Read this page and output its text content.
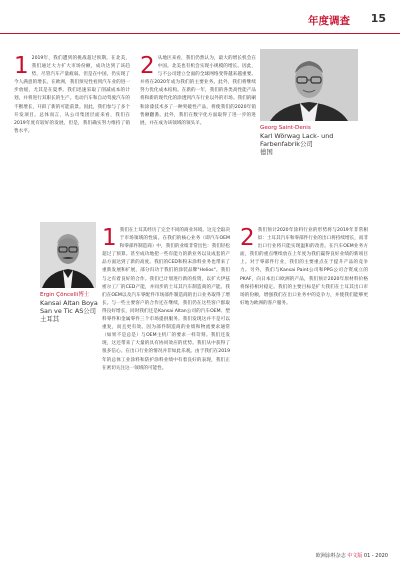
年度调查 15
1 2019年，我们遭到的挑战超过预期。在北美，我们通过大力扩大市场份额，成功达到了该趋势，尽管汽车产量疲弱。但是在中国，仍实现了今人满意的增长。在欧洲，我们预见性看到汽车业的进一步放缓，尤其是在夏季。我们迅速采取了削减成本的计划，并将进行双职长的生产。电动汽车和自动驾驶汽车的不断增长，开辟了新的可能前景。因此，我们参与了多个开发项目。总体而言，从公司集团层面来看，我们在2019年度有较好的发展，但是，我们确实努力维持了销售水平。

2 从地区来看，我们仍然认为，最大的增长机会在中国。北美也有机会实现小规模的增长。因此，与不公司建立全面的全球网络变得越来越重要。并将在2020年成为我们的主要业务。此外，我们将继续努力优化成本结构。在新的一年，我们的各类高性能产品将和新的现代化的涂透到汽车行业以外的市场。我们的刷和涂漆技术多了一种突破性产品，将使我们的2020年销售额翻番。此外，我们在数字化方面取得了进一步的进展，并在成为该领域的领头羊。

Georg Saint-Denis
Karl Wörwag Lack- und Farbenfabrik公司
德国
Ergin Çöncelli博士
Kansai Altan Boya San ve Tic AS公司
土耳其
1 我们在土耳其经历了完全不同的商业环境。这完全取决于市场领域的性质。在我们的核心业务（即汽车OEM和零部件制造商）中，我们的业绩非常出色：我们轻松超过了预算。甚至成功地把一些有能力的新业务以及成套的产品方面达到了新的高度。我们的CED和粉末涂料业务也带来了重新发展和扩展，部分归功于我们的涂装品牌"Helios"。我们与之有着良好的合作。我们已计划进行新的投资，以扩大伊兹密尔工厂的CED产能，并同步的土耳其汽车制造商的产能。我们在OEM以及汽车零配件市场部件制造商的出口业务取得了增长。与一些主要客户的合作还在继续，我们仍在这些客户群取得良好增长，同时我们还是Kansai Altan公司的汽车OEM、塑料零件和金属零件三个市场提供服务。我们发现这并不是可以重复，而且更有效。因为部件制造商的业绩和物流要求通常（如果不是总是）与OEM主机厂的要求一样苛刻。我们还发现，这还带来了大量的具有协同效应的优势。我们从中获得了很多信心。在出口行业的情况并非如此乐观。由于我们在2019年的总体工业涂料和防护涂料业绩中有着良好的表现，我们正在密切关注这一领域的可能性。

2 我们预计2020年涂料行业的形势将与2019年非常相似：土耳其汽车和零部件行业的出口将持续增长，而非出口行业将只能实现温和的改善。在汽车OEM业务方面，我们的重点继续放在上年度为我们赢得良好业绩的新项目上。对于零部件行业，我们的主要重点在于提升产品的竞争力。另外，我们与Kansai Paint公司和PPG公司合资成立的PKAF，向日本出口欧洲的产品，我们预计2020年原材料价格将保持相对稳定。我们的主要目标是扩大我们在土耳其出口市场的份额，增强我们在出口业务中的竞争力，并使我们能够更好地为欧洲的客户服务。

欧洲涂料杂志 中文版 01 - 2020
